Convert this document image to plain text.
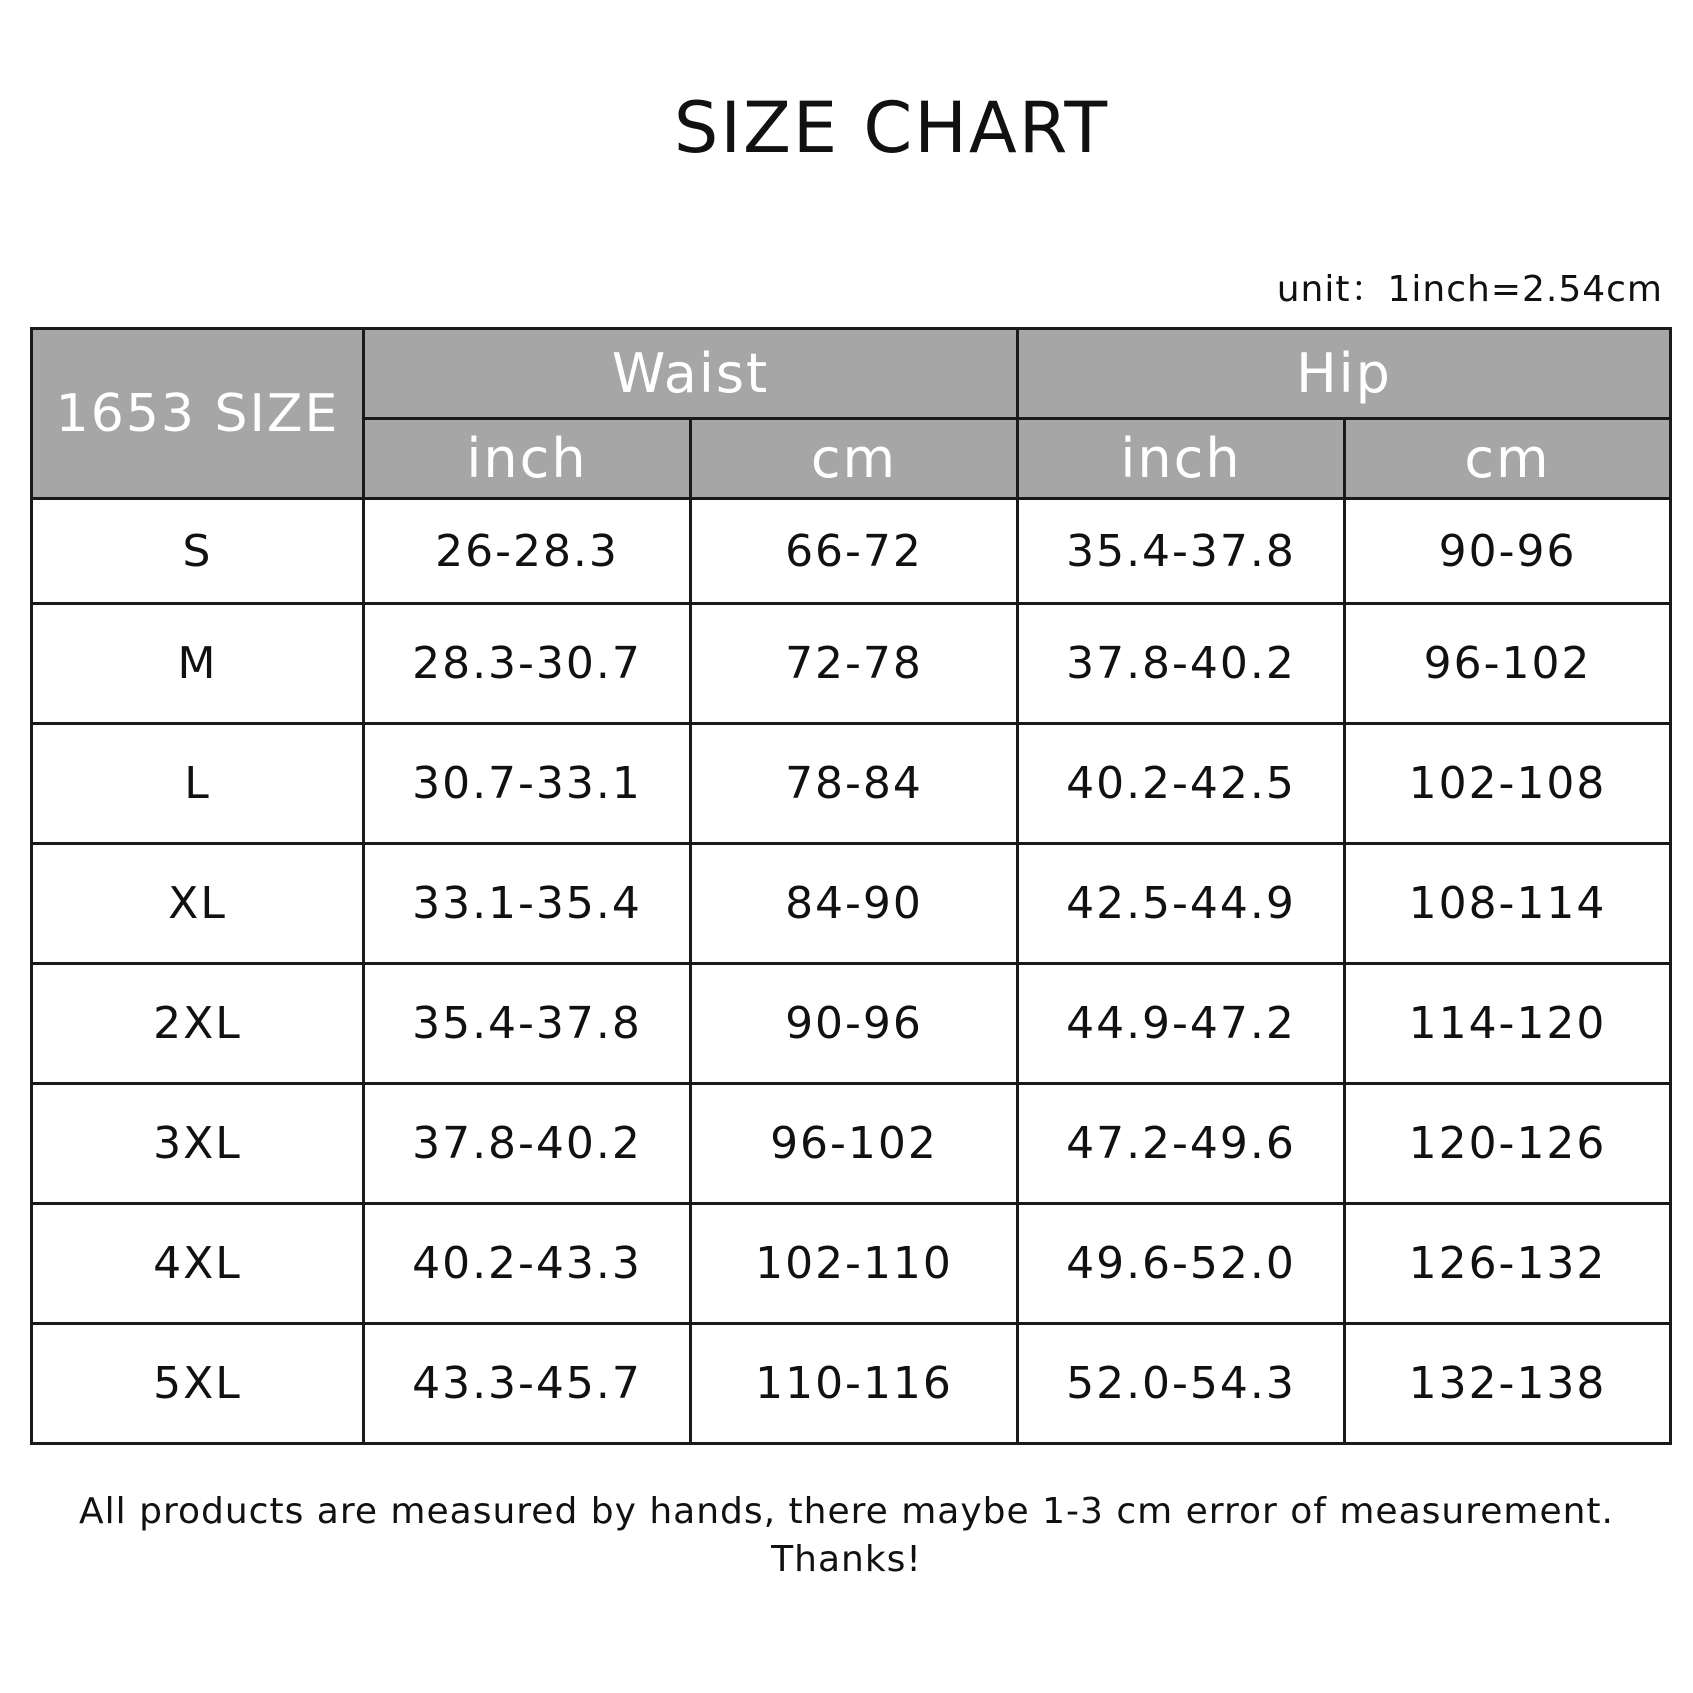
SIZE CHART
unit：1inch=2.54cm
1653 SIZE	Waist		Hip	
	inch	cm	inch	cm
S	26-28.3	66-72	35.4-37.8	90-96
M	28.3-30.7	72-78	37.8-40.2	96-102
L	30.7-33.1	78-84	40.2-42.5	102-108
XL	33.1-35.4	84-90	42.5-44.9	108-114
2XL	35.4-37.8	90-96	44.9-47.2	114-120
3XL	37.8-40.2	96-102	47.2-49.6	120-126
4XL	40.2-43.3	102-110	49.6-52.0	126-132
5XL	43.3-45.7	110-116	52.0-54.3	132-138
All products are measured by hands, there maybe 1-3 cm error of measurement.
Thanks!
